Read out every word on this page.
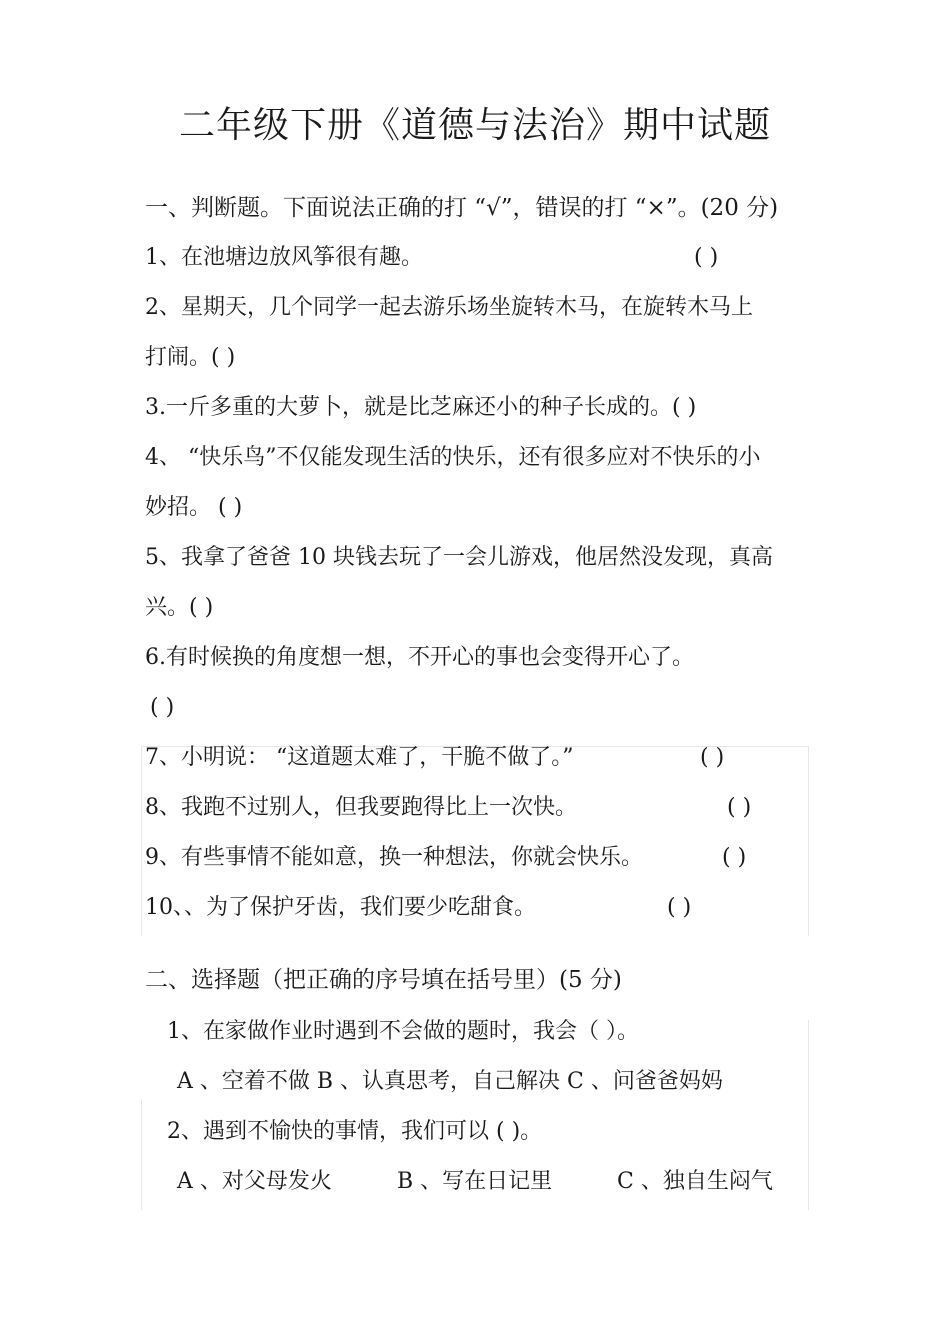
二年级下册《道德与法治》期中试题
一、判断题。下面说法正确的打 “√”，错误的打 “×”。(20 分)
1、在池塘边放风筝很有趣。	( )
2、星期天，几个同学一起去游乐场坐旋转木马，在旋转木马上
打闹。( )
3.一斤多重的大萝卜，就是比芝麻还小的种子长成的。( )
4、 “快乐鸟”不仅能发现生活的快乐，还有很多应对不快乐的小
妙招。 ( )
5、我拿了爸爸 10 块钱去玩了一会儿游戏，他居然没发现，真高
兴。( )
6.有时候换的角度想一想，不开心的事也会变得开心了。
( )
7、小明说： “这道题太难了，干脆不做了。”	( )
8、我跑不过别人，但我要跑得比上一次快。	( )
9、有些事情不能如意，换一种想法，你就会快乐。	( )
10、、为了保护牙齿，我们要少吃甜食。	( )
二、选择题（把正确的序号填在括号里）(5 分)
1、在家做作业时遇到不会做的题时，我会（ ）。
A 、空着不做 B 、认真思考，自己解决 C 、问爸爸妈妈
2、遇到不愉快的事情，我们可以 ( )。
A 、对父母发火	B 、写在日记里	C 、独自生闷气
